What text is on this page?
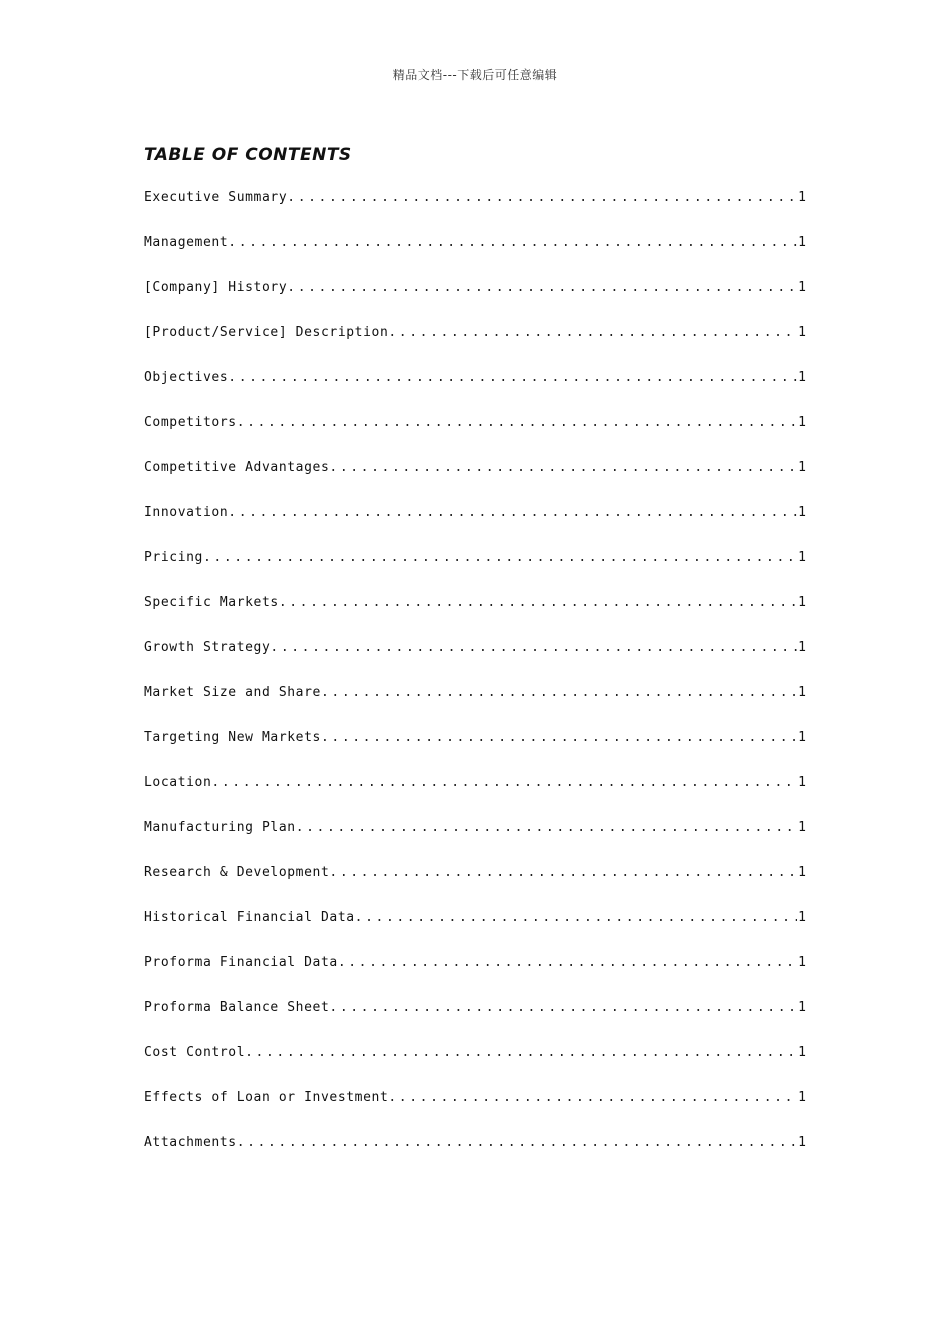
精品文档---下载后可任意编辑
TABLE OF CONTENTS
Executive Summary .....	1
Management .....	1
[Company] History .....	1
[Product/Service] Description .....	1
Objectives .....	1
Competitors .....	1
Competitive Advantages .....	1
Innovation .....	1
Pricing .....	1
Specific Markets .....	1
Growth Strategy .....	1
Market Size and Share .....	1
Targeting New Markets .....	1
Location .....	1
Manufacturing Plan .....	1
Research & Development .....	1
Historical Financial Data .....	1
Proforma Financial Data .....	1
Proforma Balance Sheet .....	1
Cost Control .....	1
Effects of Loan or Investment .....	1
Attachments .....	1
